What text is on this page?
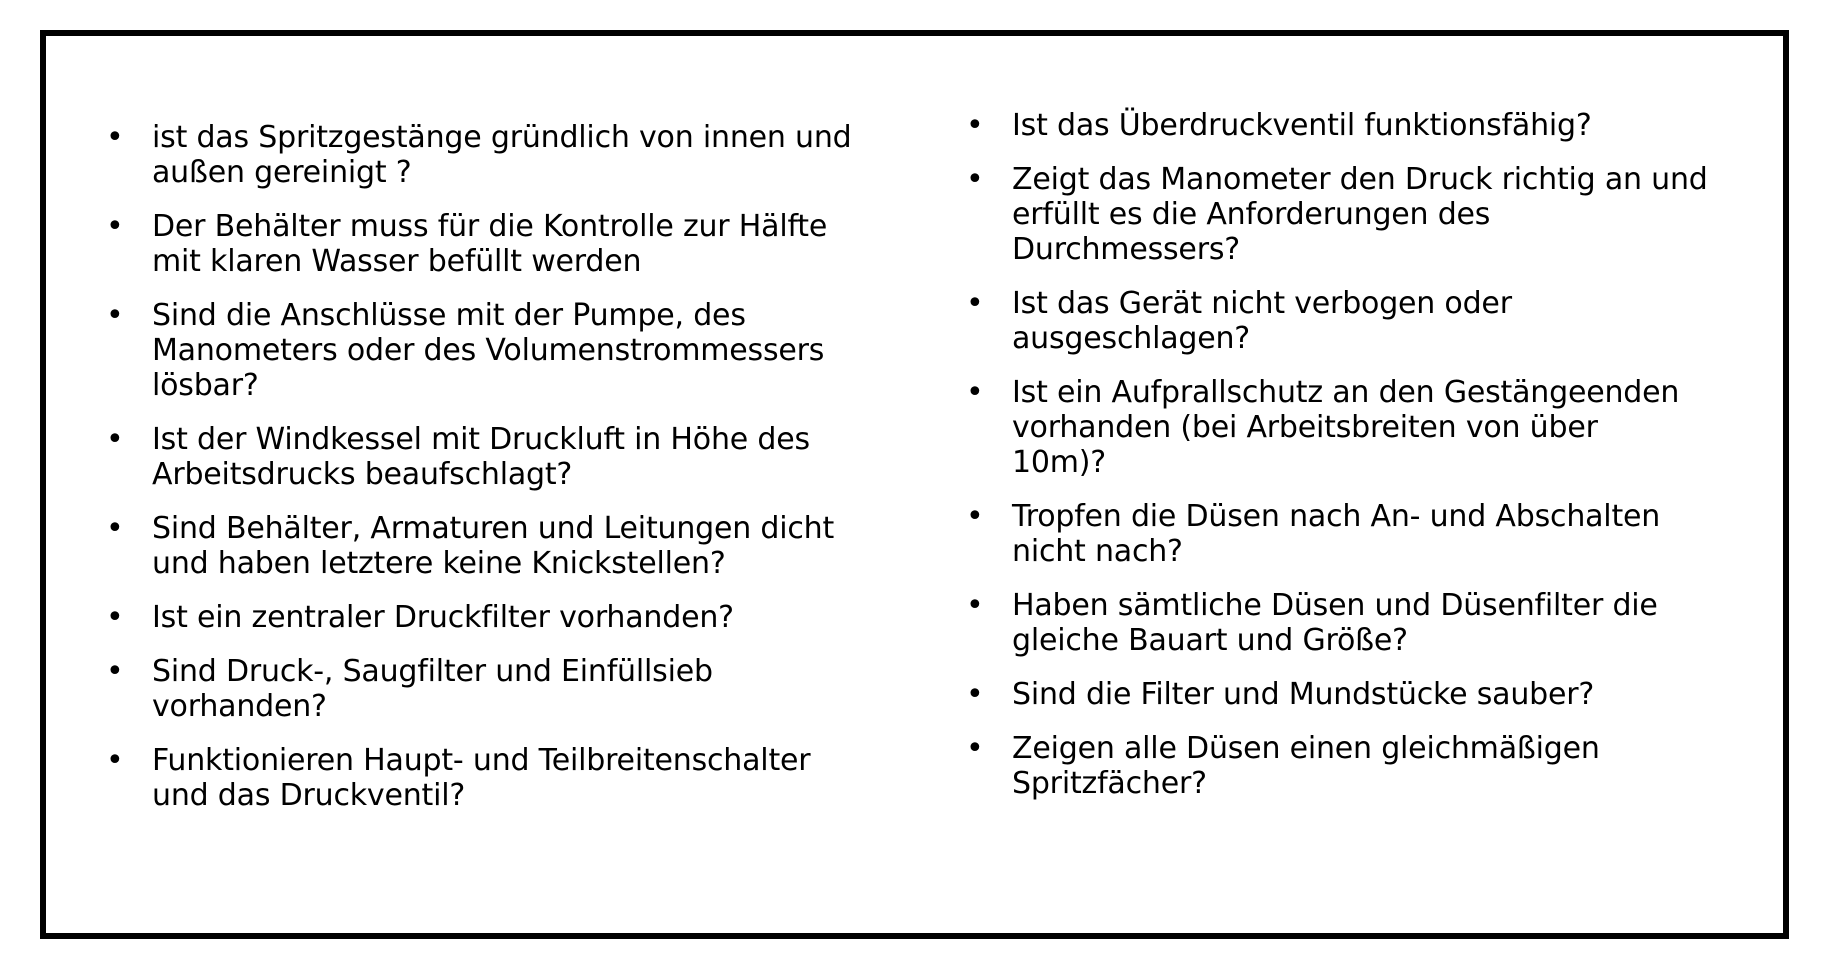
• ist das Spritzgestänge gründlich von innen und
außen gereinigt ?
• Der Behälter muss für die Kontrolle zur Hälfte
mit klaren Wasser befüllt werden
• Sind die Anschlüsse mit der Pumpe, des
Manometers oder des Volumenstrommessers
lösbar?
• Ist der Windkessel mit Druckluft in Höhe des
Arbeitsdrucks beaufschlagt?
• Sind Behälter, Armaturen und Leitungen dicht
und haben letztere keine Knickstellen?
• Ist ein zentraler Druckfilter vorhanden?
• Sind Druck-, Saugfilter und Einfüllsieb
vorhanden?
• Funktionieren Haupt- und Teilbreitenschalter
und das Druckventil?
• Ist das Überdruckventil funktionsfähig?
• Zeigt das Manometer den Druck richtig an und
erfüllt es die Anforderungen des
Durchmessers?
• Ist das Gerät nicht verbogen oder
ausgeschlagen?
• Ist ein Aufprallschutz an den Gestängeenden
vorhanden (bei Arbeitsbreiten von über
10m)?
• Tropfen die Düsen nach An- und Abschalten
nicht nach?
• Haben sämtliche Düsen und Düsenfilter die
gleiche Bauart und Größe?
• Sind die Filter und Mundstücke sauber?
• Zeigen alle Düsen einen gleichmäßigen
Spritzfächer?
